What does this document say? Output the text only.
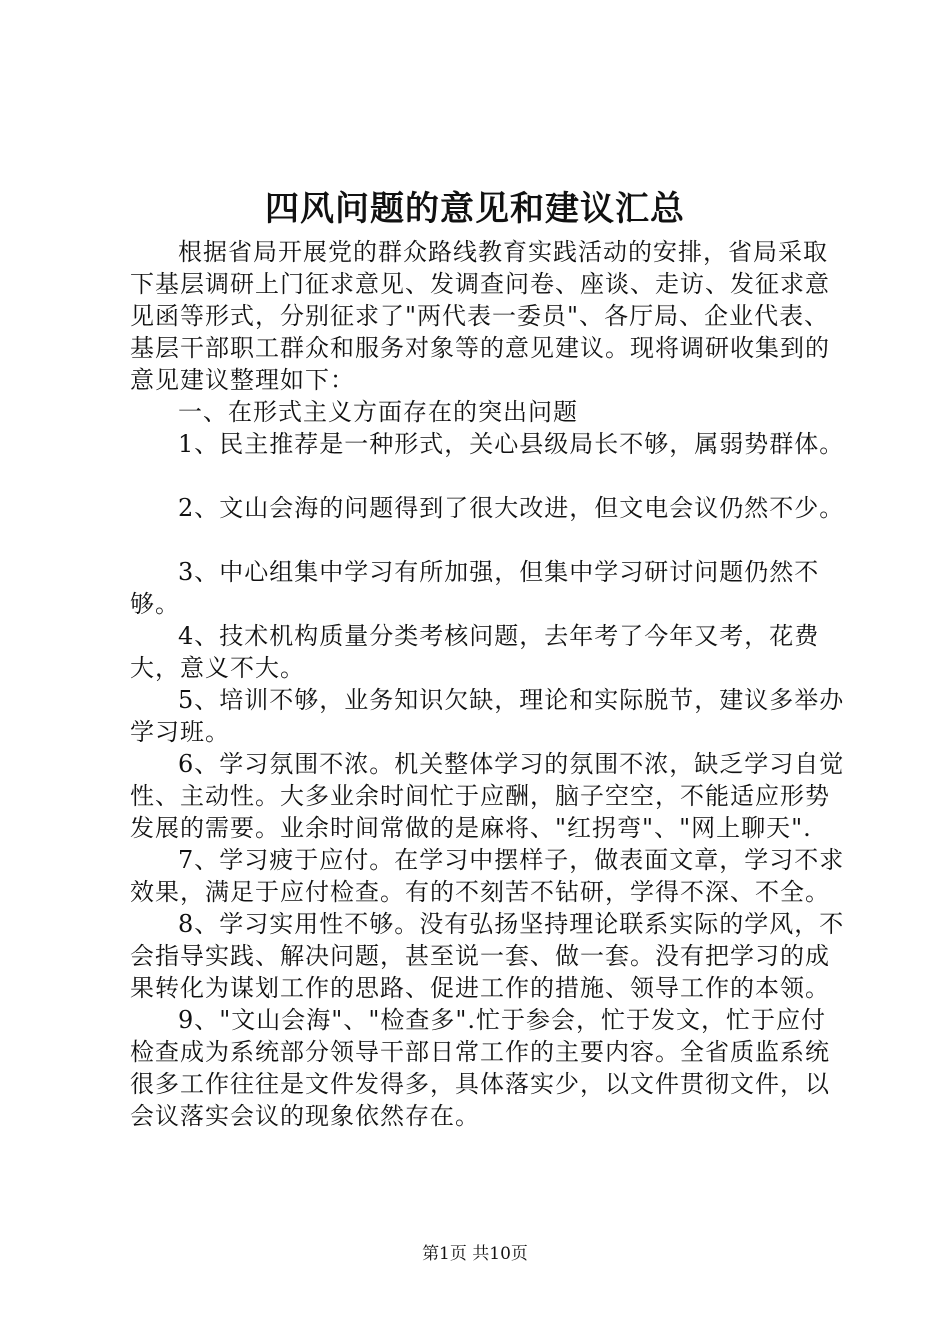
四风问题的意见和建议汇总

根据省局开展党的群众路线教育实践活动的安排，省局采取下基层调研上门征求意见、发调查问卷、座谈、走访、发征求意见函等形式，分别征求了"两代表一委员"、各厅局、企业代表、基层干部职工群众和服务对象等的意见建议。现将调研收集到的意见建议整理如下：

一、在形式主义方面存在的突出问题

1、民主推荐是一种形式，关心县级局长不够，属弱势群体。

2、文山会海的问题得到了很大改进，但文电会议仍然不少。

3、中心组集中学习有所加强，但集中学习研讨问题仍然不够。

4、技术机构质量分类考核问题，去年考了今年又考，花费大，意义不大。

5、培训不够，业务知识欠缺，理论和实际脱节，建议多举办学习班。

6、学习氛围不浓。机关整体学习的氛围不浓，缺乏学习自觉性、主动性。大多业余时间忙于应酬，脑子空空，不能适应形势发展的需要。业余时间常做的是麻将、"红拐弯"、"网上聊天".

7、学习疲于应付。在学习中摆样子，做表面文章，学习不求效果，满足于应付检查。有的不刻苦不钻研，学得不深、不全。

8、学习实用性不够。没有弘扬坚持理论联系实际的学风，不会指导实践、解决问题，甚至说一套、做一套。没有把学习的成果转化为谋划工作的思路、促进工作的措施、领导工作的本领。

9、"文山会海"、"检查多".忙于参会，忙于发文，忙于应付检查成为系统部分领导干部日常工作的主要内容。全省质监系统很多工作往往是文件发得多，具体落实少，以文件贯彻文件，以会议落实会议的现象依然存在。

第1页 共10页
